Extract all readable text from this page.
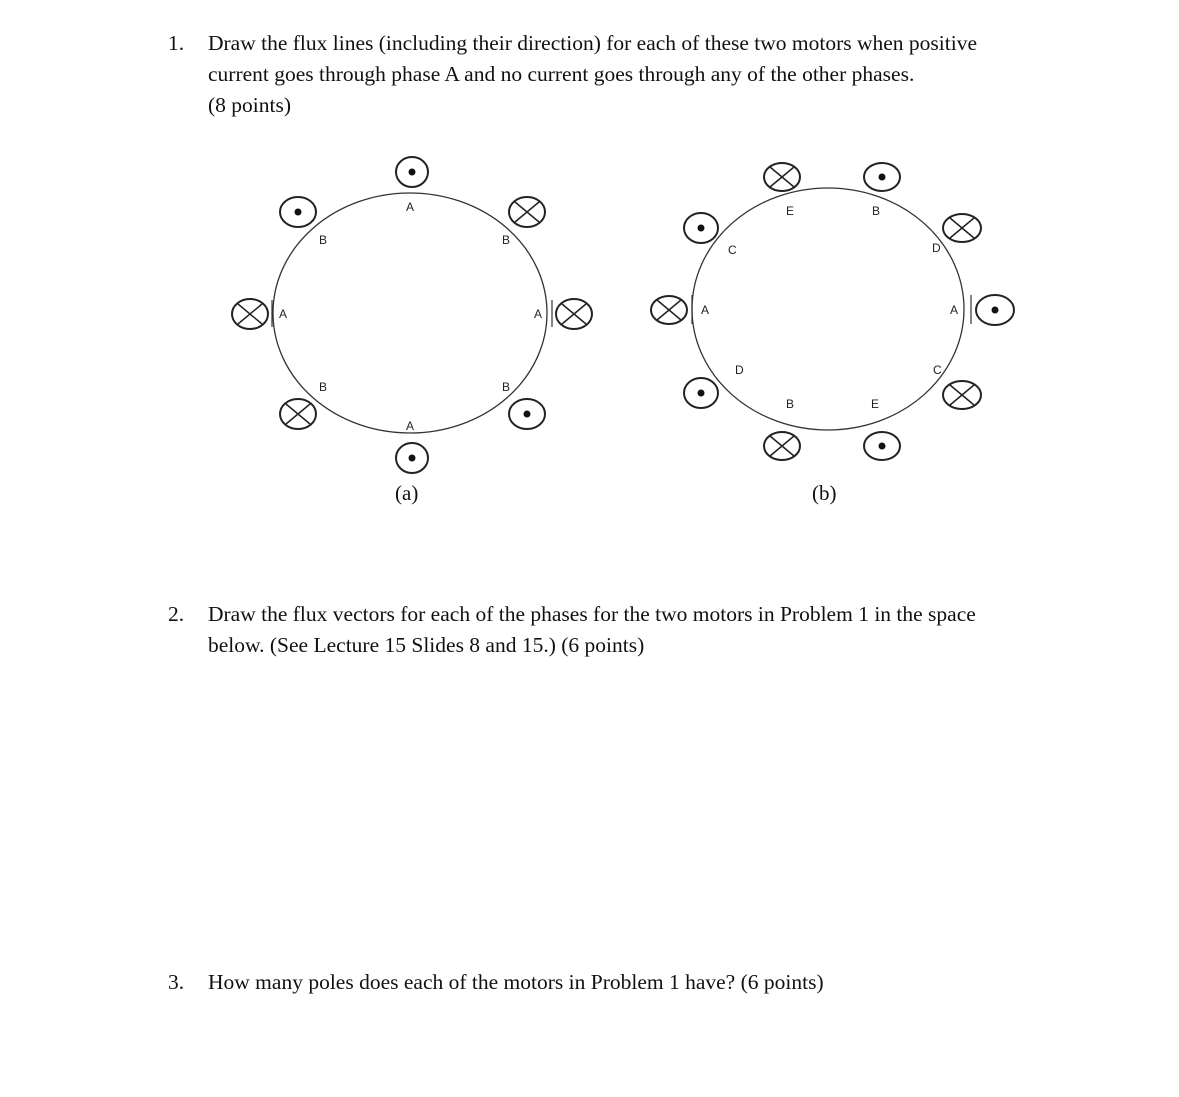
1. Draw the flux lines (including their direction) for each of these two motors when positive
current goes through phase A and no current goes through any of the other phases.
(8 points)
A
B	B
A	A
B	B
A
(a)
E	B
C	D
A	A
D	C
B	E
(b)
2. Draw the flux vectors for each of the phases for the two motors in Problem 1 in the space
below. (See Lecture 15 Slides 8 and 15.) (6 points)
3. How many poles does each of the motors in Problem 1 have? (6 points)
